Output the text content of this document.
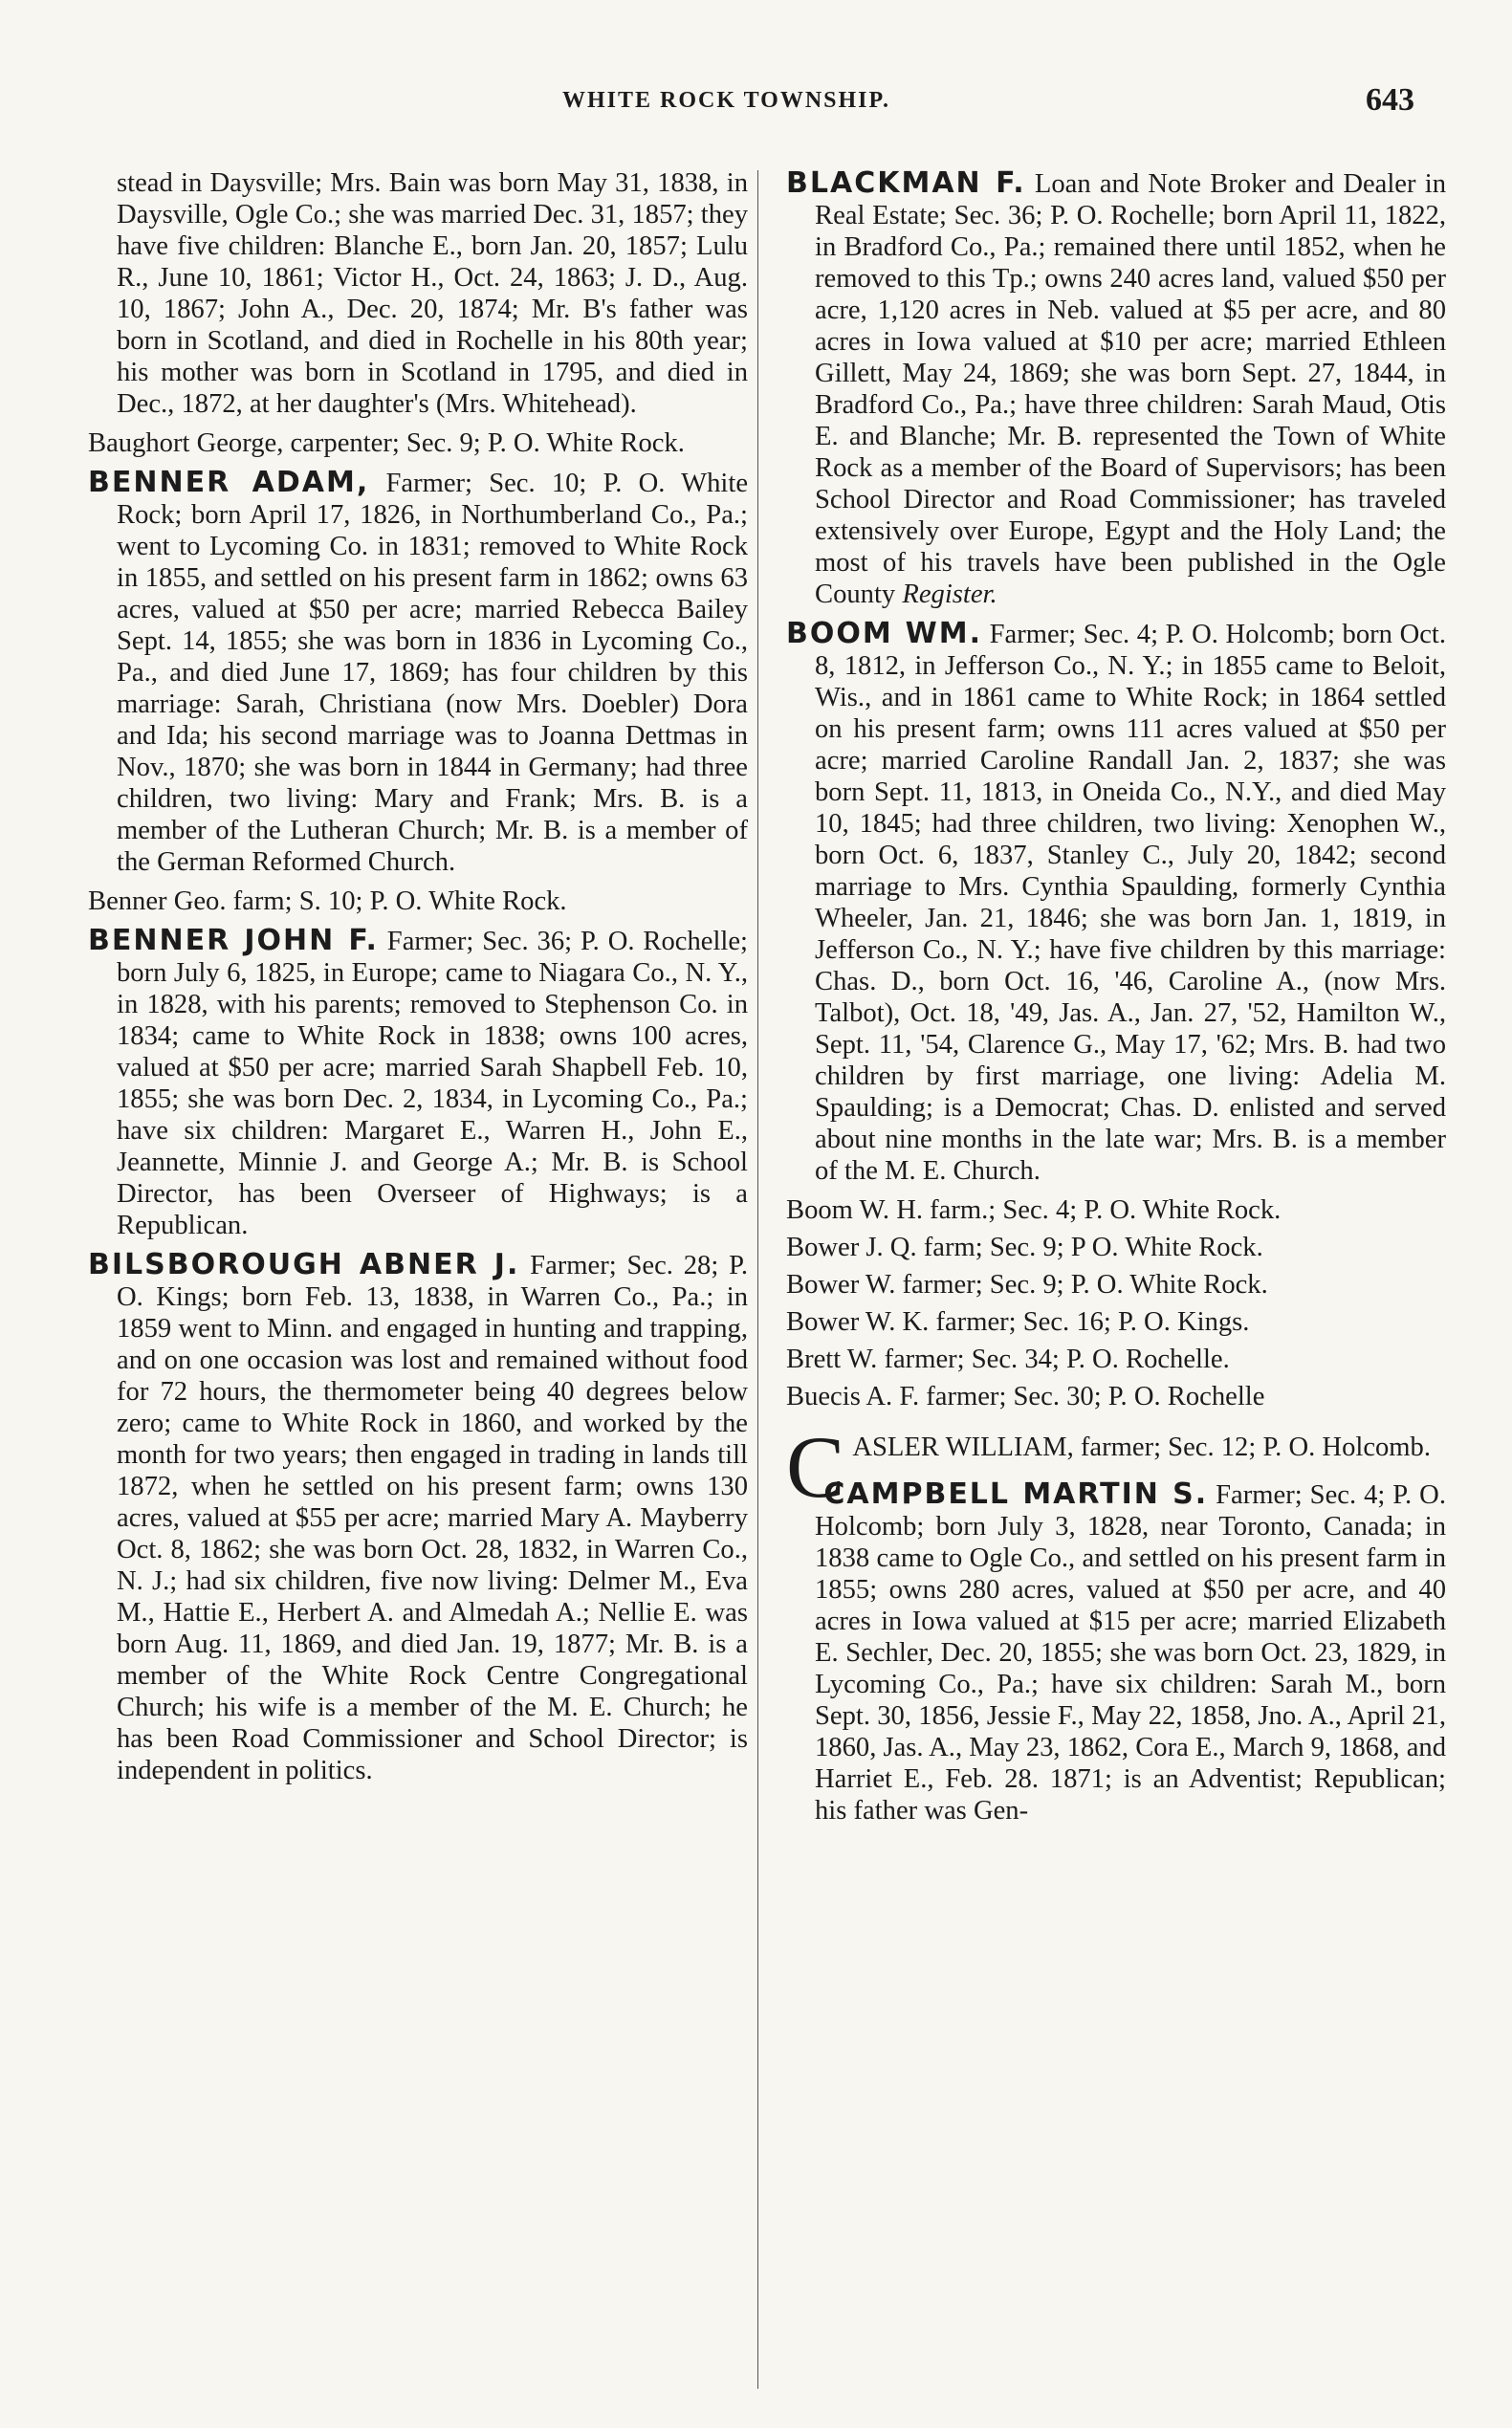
WHITE ROCK TOWNSHIP.	643

stead in Daysville; Mrs. Bain was born May 31, 1838, in Daysville, Ogle Co.; she was married Dec. 31, 1857; they have five children: Blanche E., born Jan. 20, 1857; Lulu R., June 10, 1861; Victor H., Oct. 24, 1863; J. D., Aug. 10, 1867; John A., Dec. 20, 1874; Mr. B's father was born in Scotland, and died in Rochelle in his 80th year; his mother was born in Scotland in 1795, and died in Dec., 1872, at her daughter's (Mrs. Whitehead).

Baughort George, carpenter; Sec. 9; P. O. White Rock.

BENNER ADAM, Farmer; Sec. 10; P. O. White Rock; born April 17, 1826, in Northumberland Co., Pa.; went to Lycoming Co. in 1831; removed to White Rock in 1855, and settled on his present farm in 1862; owns 63 acres, valued at $50 per acre; married Rebecca Bailey Sept. 14, 1855; she was born in 1836 in Lycoming Co., Pa., and died June 17, 1869; has four children by this marriage: Sarah, Christiana (now Mrs. Doebler) Dora and Ida; his second marriage was to Joanna Dettmas in Nov., 1870; she was born in 1844 in Germany; had three children, two living: Mary and Frank; Mrs. B. is a member of the Lutheran Church; Mr. B. is a member of the German Reformed Church.

Benner Geo. farm; S. 10; P. O. White Rock.

BENNER JOHN F. Farmer; Sec. 36; P. O. Rochelle; born July 6, 1825, in Europe; came to Niagara Co., N. Y., in 1828, with his parents; removed to Stephenson Co. in 1834; came to White Rock in 1838; owns 100 acres, valued at $50 per acre; married Sarah Shapbell Feb. 10, 1855; she was born Dec. 2, 1834, in Lycoming Co., Pa.; have six children: Margaret E., Warren H., John E., Jeannette, Minnie J. and George A.; Mr. B. is School Director, has been Overseer of Highways; is a Republican.

BILSBOROUGH ABNER J. Farmer; Sec. 28; P. O. Kings; born Feb. 13, 1838, in Warren Co., Pa.; in 1859 went to Minn. and engaged in hunting and trapping, and on one occasion was lost and remained without food for 72 hours, the thermometer being 40 degrees below zero; came to White Rock in 1860, and worked by the month for two years; then engaged in trading in lands till 1872, when he settled on his present farm; owns 130 acres, valued at $55 per acre; married Mary A. Mayberry Oct. 8, 1862; she was born Oct. 28, 1832, in Warren Co., N. J.; had six children, five now living: Delmer M., Eva M., Hattie E., Herbert A. and Almedah A.; Nellie E. was born Aug. 11, 1869, and died Jan. 19, 1877; Mr. B. is a member of the White Rock Centre Congregational Church; his wife is a member of the M. E. Church; he has been Road Commissioner and School Director; is independent in politics.

BLACKMAN F. Loan and Note Broker and Dealer in Real Estate; Sec. 36; P. O. Rochelle; born April 11, 1822, in Bradford Co., Pa.; remained there until 1852, when he removed to this Tp.; owns 240 acres land, valued $50 per acre, 1,120 acres in Neb. valued at $5 per acre, and 80 acres in Iowa valued at $10 per acre; married Ethleen Gillett, May 24, 1869; she was born Sept. 27, 1844, in Bradford Co., Pa.; have three children: Sarah Maud, Otis E. and Blanche; Mr. B. represented the Town of White Rock as a member of the Board of Supervisors; has been School Director and Road Commissioner; has traveled extensively over Europe, Egypt and the Holy Land; the most of his travels have been published in the Ogle County Register.

BOOM WM. Farmer; Sec. 4; P. O. Holcomb; born Oct. 8, 1812, in Jefferson Co., N. Y.; in 1855 came to Beloit, Wis., and in 1861 came to White Rock; in 1864 settled on his present farm; owns 111 acres valued at $50 per acre; married Caroline Randall Jan. 2, 1837; she was born Sept. 11, 1813, in Oneida Co., N.Y., and died May 10, 1845; had three children, two living: Xenophen W., born Oct. 6, 1837, Stanley C., July 20, 1842; second marriage to Mrs. Cynthia Spaulding, formerly Cynthia Wheeler, Jan. 21, 1846; she was born Jan. 1, 1819, in Jefferson Co., N. Y.; have five children by this marriage: Chas. D., born Oct. 16, '46, Caroline A., (now Mrs. Talbot), Oct. 18, '49, Jas. A., Jan. 27, '52, Hamilton W., Sept. 11, '54, Clarence G., May 17, '62; Mrs. B. had two children by first marriage, one living: Adelia M. Spaulding; is a Democrat; Chas. D. enlisted and served about nine months in the late war; Mrs. B. is a member of the M. E. Church.

Boom W. H. farm.; Sec. 4; P. O. White Rock.

Bower J. Q. farm; Sec. 9; P O. White Rock.

Bower W. farmer; Sec. 9; P. O. White Rock.

Bower W. K. farmer; Sec. 16; P. O. Kings.

Brett W. farmer; Sec. 34; P. O. Rochelle.

Buecis A. F. farmer; Sec. 30; P. O. Rochelle

CASLER WILLIAM, farmer; Sec. 12; P. O. Holcomb.

CAMPBELL MARTIN S. Farmer; Sec. 4; P. O. Holcomb; born July 3, 1828, near Toronto, Canada; in 1838 came to Ogle Co., and settled on his present farm in 1855; owns 280 acres, valued at $50 per acre, and 40 acres in Iowa valued at $15 per acre; married Elizabeth E. Sechler, Dec. 20, 1855; she was born Oct. 23, 1829, in Lycoming Co., Pa.; have six children: Sarah M., born Sept. 30, 1856, Jessie F., May 22, 1858, Jno. A., April 21, 1860, Jas. A., May 23, 1862, Cora E., March 9, 1868, and Harriet E., Feb. 28. 1871; is an Adventist; Republican; his father was Gen-
